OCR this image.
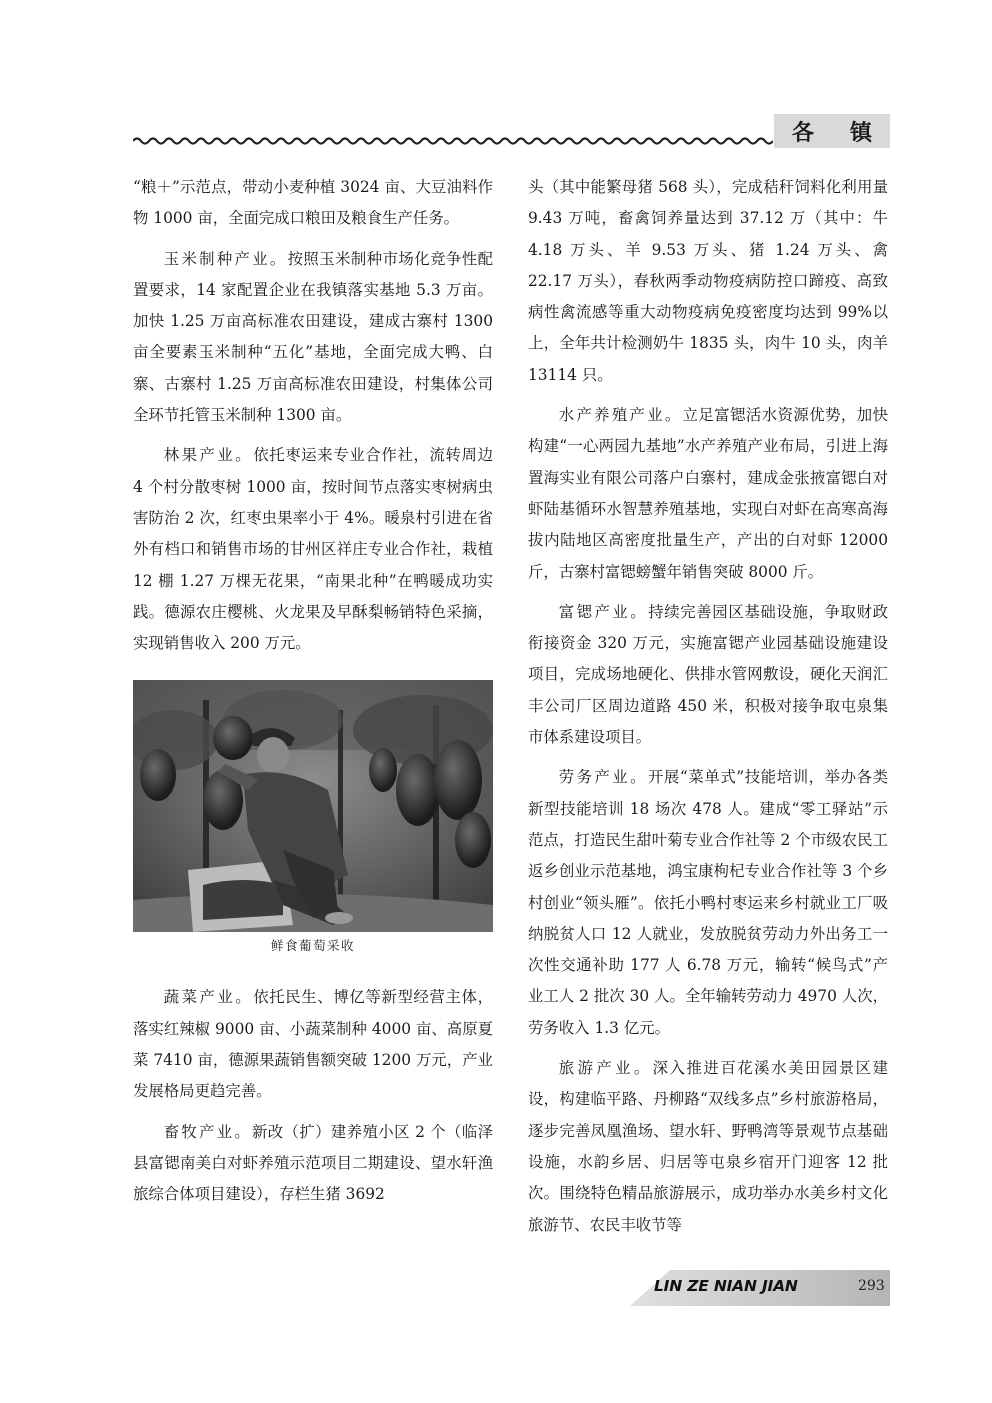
各 镇

“粮＋”示范点，带动小麦种植 3024 亩、大豆油料作物 1000 亩，全面完成口粮田及粮食生产任务。

玉米制种产业。按照玉米制种市场化竞争性配置要求，14 家配置企业在我镇落实基地 5.3 万亩。加快 1.25 万亩高标准农田建设，建成古寨村 1300 亩全要素玉米制种“五化”基地，全面完成大鸭、白寨、古寨村 1.25 万亩高标准农田建设，村集体公司全环节托管玉米制种 1300 亩。

林果产业。依托枣运来专业合作社，流转周边 4 个村分散枣树 1000 亩，按时间节点落实枣树病虫害防治 2 次，红枣虫果率小于 4%。暖泉村引进在省外有档口和销售市场的甘州区祥庄专业合作社，栽植 12 棚 1.27 万棵无花果，“南果北种”在鸭暖成功实践。德源农庄樱桃、火龙果及早酥梨畅销特色采摘，实现销售收入 200 万元。

鲜食葡萄采收

蔬菜产业。依托民生、博亿等新型经营主体，落实红辣椒 9000 亩、小蔬菜制种 4000 亩、高原夏菜 7410 亩，德源果蔬销售额突破 1200 万元，产业发展格局更趋完善。

畜牧产业。新改（扩）建养殖小区 2 个（临泽县富锶南美白对虾养殖示范项目二期建设、望水轩渔旅综合体项目建设），存栏生猪 3692

头（其中能繁母猪 568 头），完成秸秆饲料化利用量 9.43 万吨，畜禽饲养量达到 37.12 万（其中：牛 4.18 万头、羊 9.53 万头、猪 1.24 万头、禽 22.17 万头），春秋两季动物疫病防控口蹄疫、高致病性禽流感等重大动物疫病免疫密度均达到 99%以上，全年共计检测奶牛 1835 头，肉牛 10 头，肉羊 13114 只。

水产养殖产业。立足富锶活水资源优势，加快构建“一心两园九基地”水产养殖产业布局，引进上海置海实业有限公司落户白寨村，建成金张掖富锶白对虾陆基循环水智慧养殖基地，实现白对虾在高寒高海拔内陆地区高密度批量生产，产出的白对虾 12000 斤，古寨村富锶螃蟹年销售突破 8000 斤。

富锶产业。持续完善园区基础设施，争取财政衔接资金 320 万元，实施富锶产业园基础设施建设项目，完成场地硬化、供排水管网敷设，硬化天润汇丰公司厂区周边道路 450 米，积极对接争取屯泉集市体系建设项目。

劳务产业。开展“菜单式”技能培训，举办各类新型技能培训 18 场次 478 人。建成“零工驿站”示范点，打造民生甜叶菊专业合作社等 2 个市级农民工返乡创业示范基地，鸿宝康枸杞专业合作社等 3 个乡村创业“领头雁”。依托小鸭村枣运来乡村就业工厂吸纳脱贫人口 12 人就业，发放脱贫劳动力外出务工一次性交通补助 177 人 6.78 万元，输转“候鸟式”产业工人 2 批次 30 人。全年输转劳动力 4970 人次，劳务收入 1.3 亿元。

旅游产业。深入推进百花溪水美田园景区建设，构建临平路、丹柳路“双线多点”乡村旅游格局，逐步完善凤凰渔场、望水轩、野鸭湾等景观节点基础设施，水韵乡居、归居等屯泉乡宿开门迎客 12 批次。围绕特色精品旅游展示，成功举办水美乡村文化旅游节、农民丰收节等

LIN ZE NIAN JIAN	293
